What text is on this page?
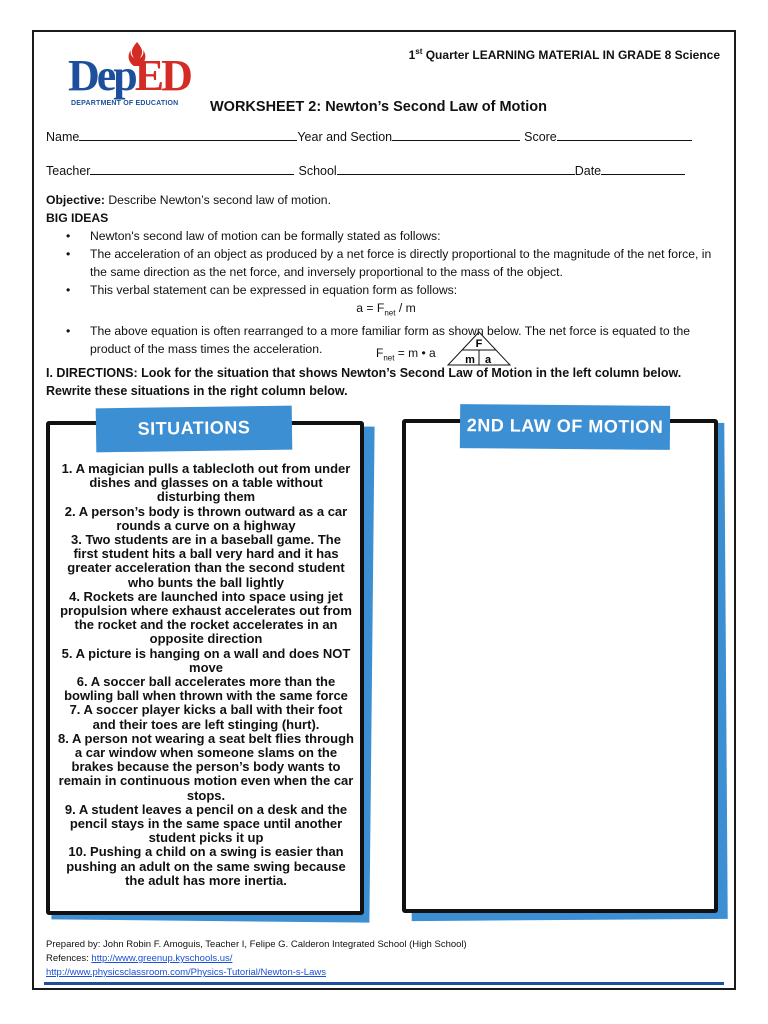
DepED
DEPARTMENT OF EDUCATION
1st Quarter LEARNING MATERIAL IN GRADE 8 Science
WORKSHEET 2: Newton’s Second Law of Motion
Name	Year and Section	Score
Teacher	School	Date

Objective: Describe Newton’s second law of motion.

BIG IDEAS

• Newton's second law of motion can be formally stated as follows:
• The acceleration of an object as produced by a net force is directly proportional to the magnitude of the net force, in the same direction as the net force, and inversely proportional to the mass of the object.
• This verbal statement can be expressed in equation form as follows:
$a = F_{net} / m$
• The above equation is often rearranged to a more familiar form as shown below. The net force is equated to the product of the mass times the acceleration.	$F_{net} = m$ • a
F
m a
I. DIRECTIONS: Look for the situation that shows Newton’s Second Law of Motion in the left column below. Rewrite these situations in the right column below.
SITUATIONS
1. A magician pulls a tablecloth out from under dishes and glasses on a table without disturbing them
2. A person’s body is thrown outward as a car rounds a curve on a highway
3. Two students are in a baseball game. The first student hits a ball very hard and it has greater acceleration than the second student who bunts the ball lightly
4. Rockets are launched into space using jet propulsion where exhaust accelerates out from the rocket and the rocket accelerates in an opposite direction
5. A picture is hanging on a wall and does NOT move
6. A soccer ball accelerates more than the bowling ball when thrown with the same force
7. A soccer player kicks a ball with their foot and their toes are left stinging (hurt).
8. A person not wearing a seat belt flies through a car window when someone slams on the brakes because the person’s body wants to remain in continuous motion even when the car stops.
9. A student leaves a pencil on a desk and the pencil stays in the same space until another student picks it up
10. Pushing a child on a swing is easier than pushing an adult on the same swing because the adult has more inertia.
2ND LAW OF MOTION
Prepared by: John Robin F. Amoguis, Teacher I, Felipe G. Calderon Integrated School (High School)
Refences: http://www.greenup.kyschools.us/
http://www.physicsclassroom.com/Physics-Tutorial/Newton-s-Laws
